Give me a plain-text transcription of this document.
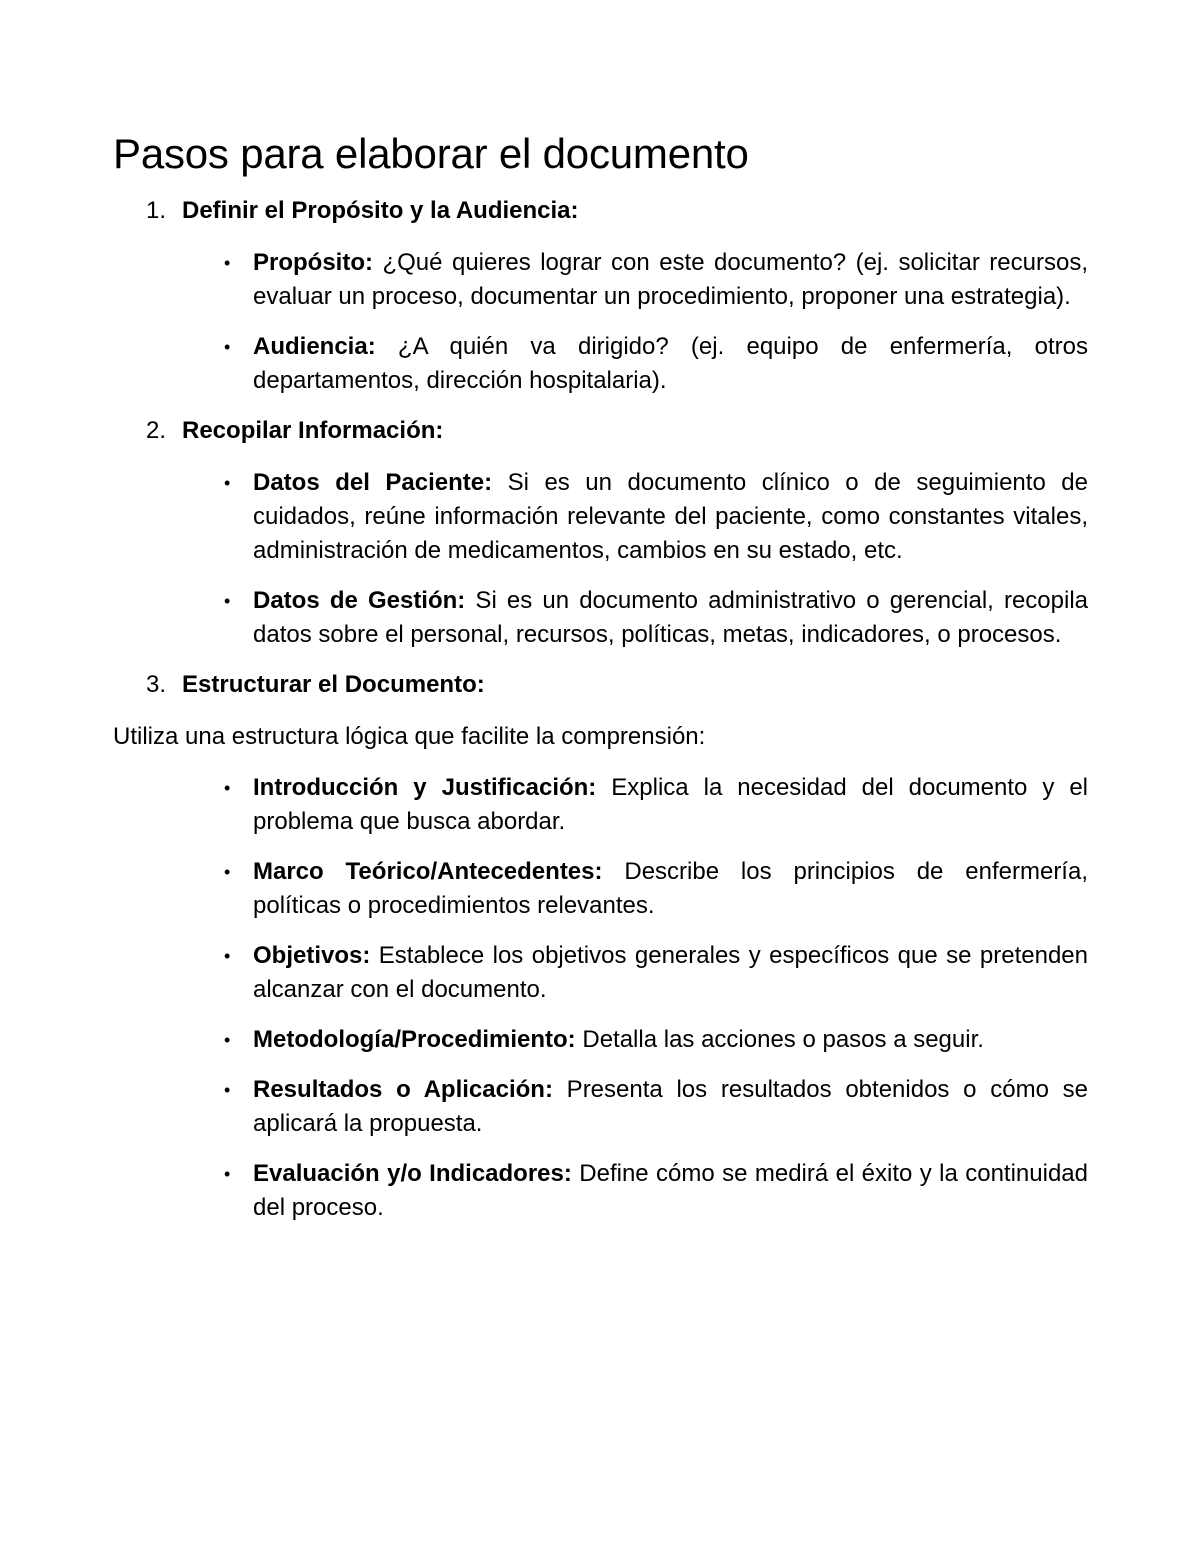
Pasos para elaborar el documento
1. Definir el Propósito y la Audiencia:
• Propósito: ¿Qué quieres lograr con este documento? (ej. solicitar recursos, evaluar un proceso, documentar un procedimiento, proponer una estrategia).
• Audiencia: ¿A quién va dirigido? (ej. equipo de enfermería, otros departamentos, dirección hospitalaria).
2. Recopilar Información:
• Datos del Paciente: Si es un documento clínico o de seguimiento de cuidados, reúne información relevante del paciente, como constantes vitales, administración de medicamentos, cambios en su estado, etc.
• Datos de Gestión: Si es un documento administrativo o gerencial, recopila datos sobre el personal, recursos, políticas, metas, indicadores, o procesos.
3. Estructurar el Documento:

Utiliza una estructura lógica que facilite la comprensión:

• Introducción y Justificación: Explica la necesidad del documento y el problema que busca abordar.
• Marco Teórico/Antecedentes: Describe los principios de enfermería, políticas o procedimientos relevantes.
• Objetivos: Establece los objetivos generales y específicos que se pretenden alcanzar con el documento.
• Metodología/Procedimiento: Detalla las acciones o pasos a seguir.
• Resultados o Aplicación: Presenta los resultados obtenidos o cómo se aplicará la propuesta.
• Evaluación y/o Indicadores: Define cómo se medirá el éxito y la continuidad del proceso.
